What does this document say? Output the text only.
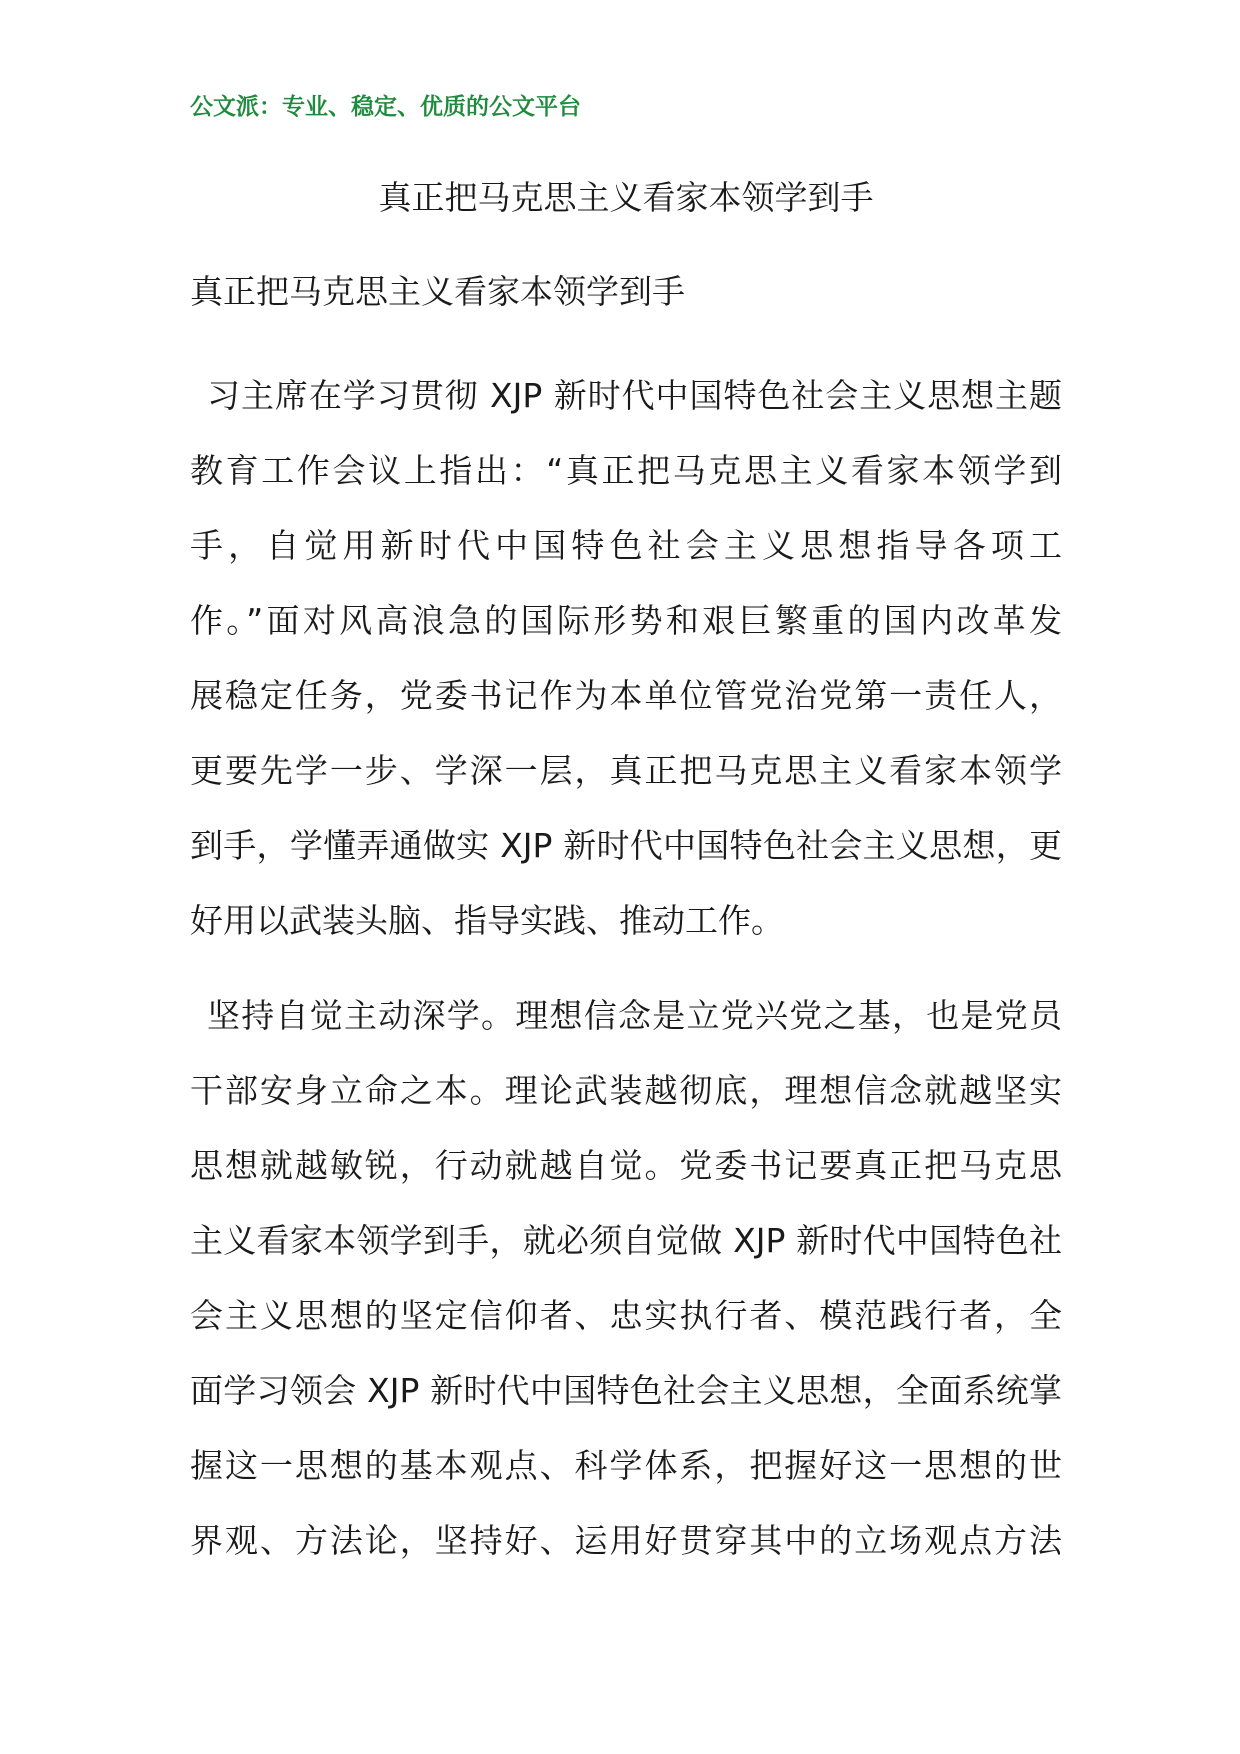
公文派：专业、稳定、优质的公文平台
真正把马克思主义看家本领学到手
真正把马克思主义看家本领学到手
习主席在学习贯彻 XJP 新时代中国特色社会主义思想主题
教育工作会议上指出：“真正把马克思主义看家本领学到
手，自觉用新时代中国特色社会主义思想指导各项工
作。”面对风高浪急的国际形势和艰巨繁重的国内改革发
展稳定任务，党委书记作为本单位管党治党第一责任人，
更要先学一步、学深一层，真正把马克思主义看家本领学
到手，学懂弄通做实 XJP 新时代中国特色社会主义思想，更
好用以武装头脑、指导实践、推动工作。
坚持自觉主动深学。理想信念是立党兴党之基，也是党员
干部安身立命之本。理论武装越彻底，理想信念就越坚实
思想就越敏锐，行动就越自觉。党委书记要真正把马克思
主义看家本领学到手，就必须自觉做 XJP 新时代中国特色社
会主义思想的坚定信仰者、忠实执行者、模范践行者，全
面学习领会 XJP 新时代中国特色社会主义思想，全面系统掌
握这一思想的基本观点、科学体系，把握好这一思想的世
界观、方法论，坚持好、运用好贯穿其中的立场观点方法
